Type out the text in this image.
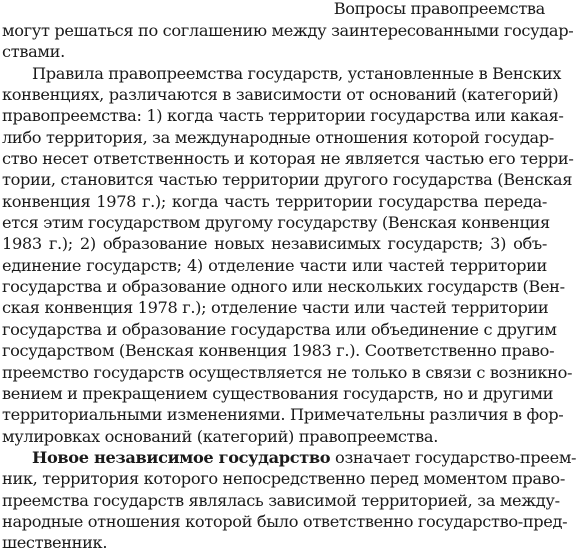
Вопросы правопреемства

могут решаться по соглашению между заинтересованными государ-
ствами.
Правила правопреемства государств, установленные в Венских
конвенциях, различаются в зависимости от оснований (категорий)
правопреемства: 1) когда часть территории государства или какая-
либо территория, за международные отношения которой государ-
ство несет ответственность и которая не является частью его терри-
тории, становится частью территории другого государства (Венская
конвенция 1978 г.); когда часть территории государства переда-
ется этим государством другому государству (Венская конвенция
1983 г.); 2) образование новых независимых государств; 3) объ-
единение государств; 4) отделение части или частей территории
государства и образование одного или нескольких государств (Вен-
ская конвенция 1978 г.); отделение части или частей территории
государства и образование государства или объединение с другим
государством (Венская конвенция 1983 г.). Соответственно право-
преемство государств осуществляется не только в связи с возникно-
вением и прекращением существования государств, но и другими
территориальными изменениями. Примечательны различия в фор-
мулировках оснований (категорий) правопреемства.
Новое независимое государство означает государство-преем-
ник, территория которого непосредственно перед моментом право-
преемства государств являлась зависимой территорией, за между-
народные отношения которой было ответственно государство-пред-
шественник.
